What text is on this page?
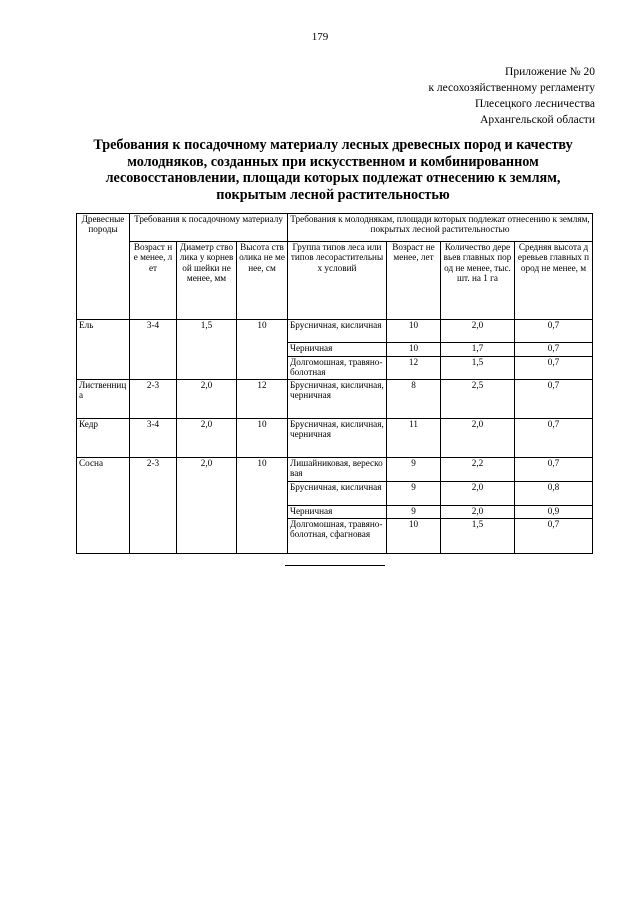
179
Приложение № 20
к лесохозяйственному регламенту
Плесецкого лесничества
Архангельской области
Требования к посадочному материалу лесных древесных пород и качеству
молодняков, созданных при искусственном и комбинированном
лесовосстановлении, площади которых подлежат отнесению к землям,
покрытым лесной растительностью
Древесные породы	Требования к посадочному материалу			Требования к молоднякам, площади которых подлежат отнесению к землям, покрытых лесной растительностью			
	Возраст не менее, лет	Диаметр стволика у корневой шейки не менее, мм	Высота стволика не менее, см	Группа типов леса или типов лесорастительных условий	Возраст не менее, лет	Количество деревьев главных пород не менее, тыс. шт. на 1 га	Средняя высота деревьев главных пород не менее, м
Ель	3-4	1,5	10	Брусничная, кисличная	10	2,0	0,7
				Черничная	10	1,7	0,7
				Долгомошная, травяно-болотная	12	1,5	0,7
Лиственница	2-3	2,0	12	Брусничная, кисличная, черничная	8	2,5	0,7
Кедр	3-4	2,0	10	Брусничная, кисличная, черничная	11	2,0	0,7
Сосна	2-3	2,0	10	Лишайниковая, вересковая	9	2,2	0,7
				Брусничная, кисличная	9	2,0	0,8
				Черничная	9	2,0	0,9
				Долгомошная, травяно-болотная, сфагновая	10	1,5	0,7
